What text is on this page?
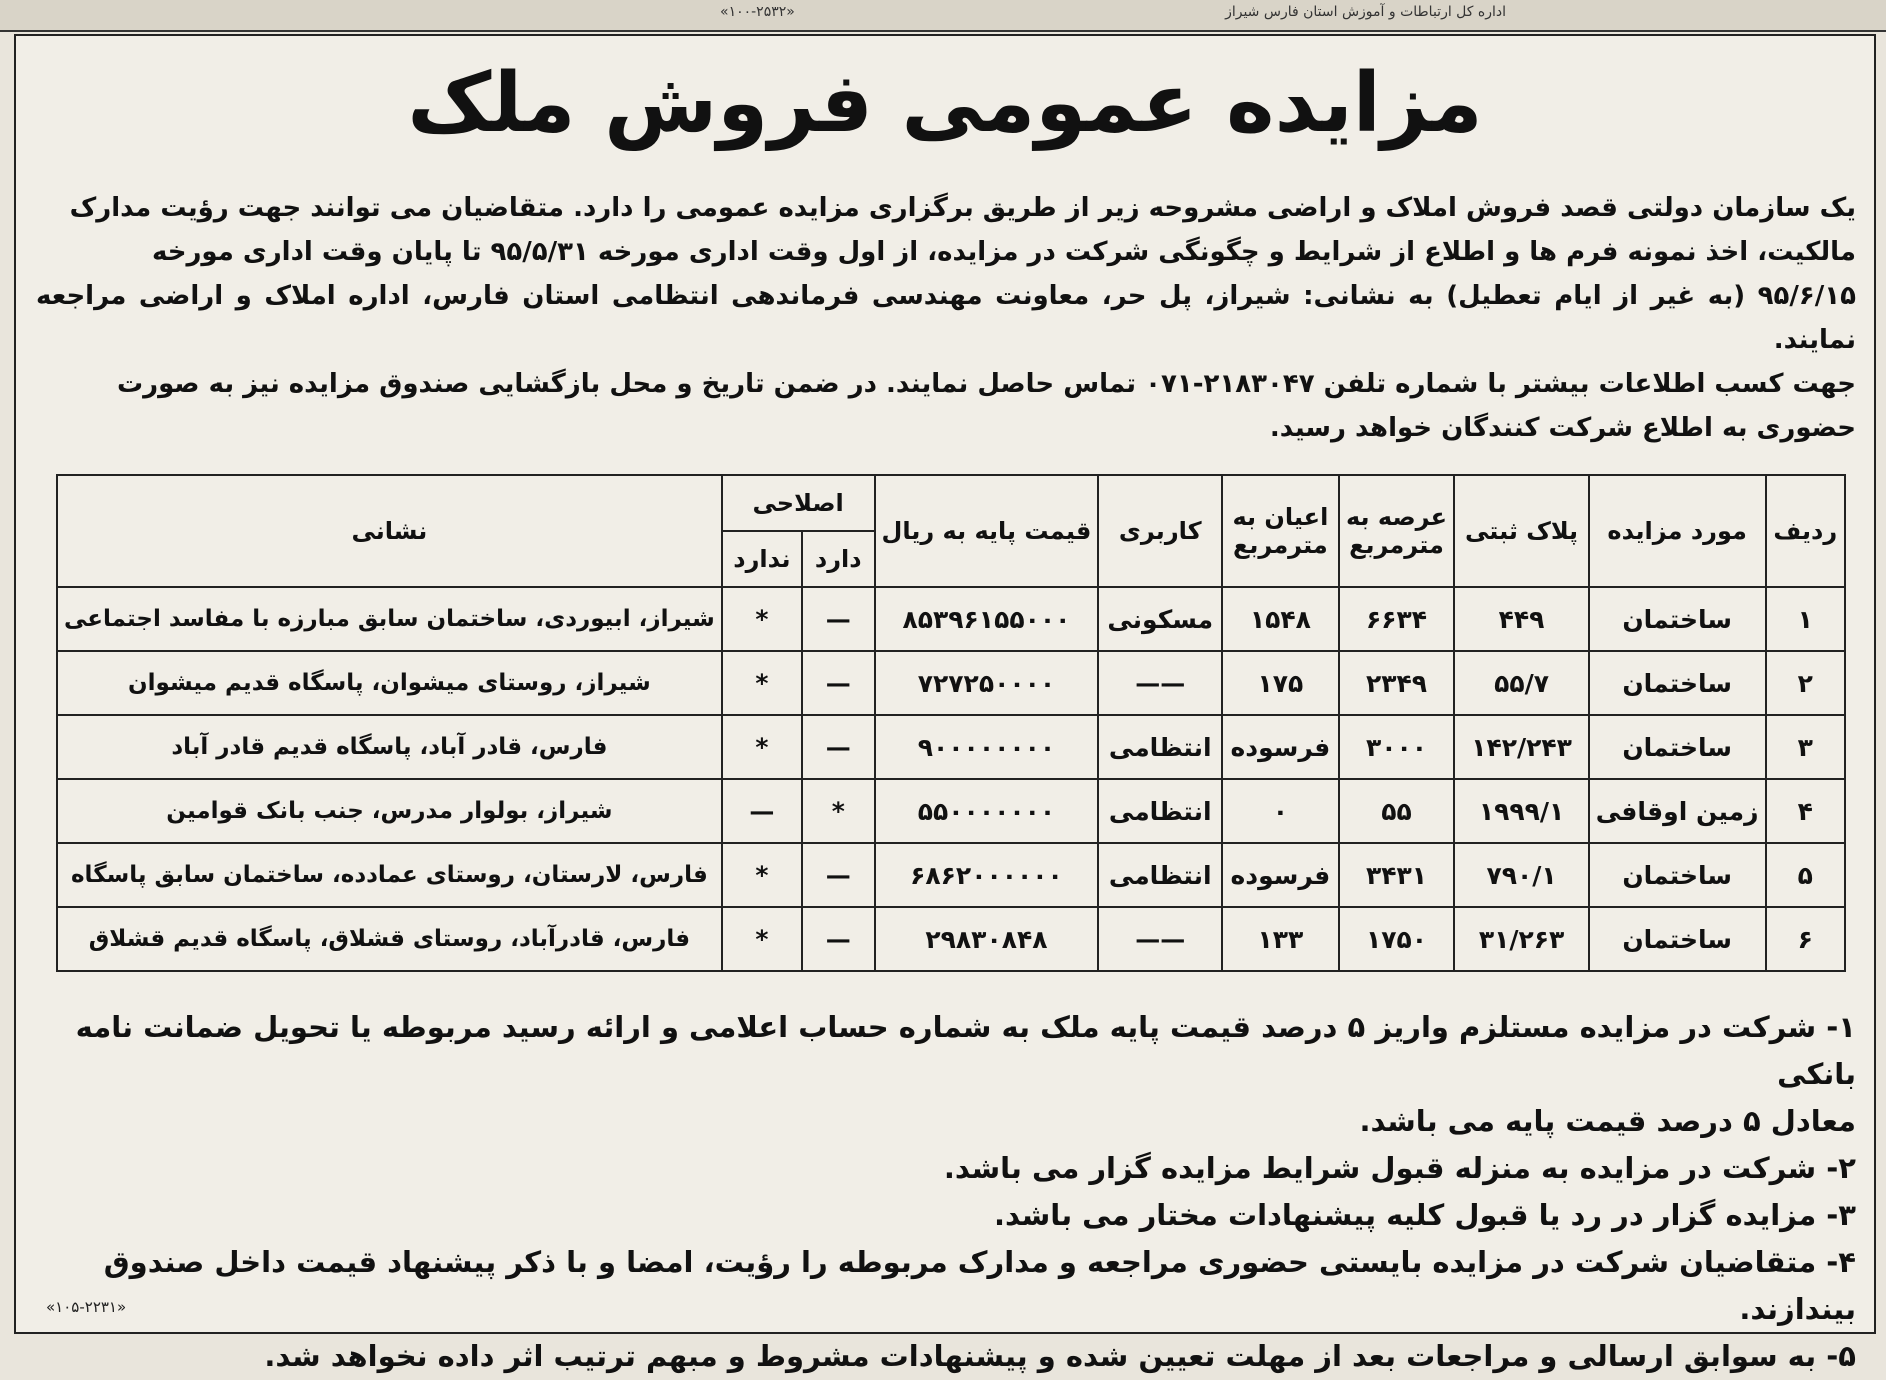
«۱۰۰-۲۵۳۲»	اداره کل ارتباطات و آموزش استان فارس شیراز
مزایده عمومی فروش ملک
یک سازمان دولتی قصد فروش املاک و اراضی مشروحه زیر از طریق برگزاری مزایده عمومی را دارد. متقاضیان می توانند جهت رؤیت مدارک
مالکیت، اخذ نمونه فرم ها و اطلاع از شرایط و چگونگی شرکت در مزایده، از اول وقت اداری مورخه ۹۵/۵/۳۱ تا پایان وقت اداری مورخه
۹۵/۶/۱۵ (به غیر از ایام تعطیل) به نشانی: شیراز، پل حر، معاونت مهندسی فرماندهی انتظامی استان فارس، اداره املاک و اراضی مراجعه نمایند.
جهت کسب اطلاعات بیشتر با شماره تلفن ۲۱۸۳۰۴۷-۰۷۱ تماس حاصل نمایند. در ضمن تاریخ و محل بازگشایی صندوق مزایده نیز به صورت
حضوری به اطلاع شرکت کنندگان خواهد رسید.
ردیف	مورد مزایده	پلاک ثبتی	عرصه به مترمربع	اعیان به مترمربع	کاربری	قیمت پایه به ریال	اصلاحی		نشانی
							دارد	ندارد	
۱	ساختمان	۴۴۹	۶۶۳۴	۱۵۴۸	مسکونی	۸۵۳۹۶۱۵۵۰۰۰	—	*	شیراز، ابیوردی، ساختمان سابق مبارزه با مفاسد اجتماعی
۲	ساختمان	۵۵/۷	۲۳۴۹	۱۷۵	——	۷۲۷۲۵۰۰۰۰	—	*	شیراز، روستای میشوان، پاسگاه قدیم میشوان
۳	ساختمان	۱۴۲/۲۴۳	۳۰۰۰	فرسوده	انتظامی	۹۰۰۰۰۰۰۰۰	—	*	فارس، قادر آباد، پاسگاه قدیم قادر آباد
۴	زمین اوقافی	۱۹۹۹/۱	۵۵	۰	انتظامی	۵۵۰۰۰۰۰۰۰	*	—	شیراز، بولوار مدرس، جنب بانک قوامین
۵	ساختمان	۷۹۰/۱	۳۴۳۱	فرسوده	انتظامی	۶۸۶۲۰۰۰۰۰۰	—	*	فارس، لارستان، روستای عمادده، ساختمان سابق پاسگاه
۶	ساختمان	۳۱/۲۶۳	۱۷۵۰	۱۳۳	——	۲۹۸۳۰۸۴۸	—	*	فارس، قادرآباد، روستای قشلاق، پاسگاه قدیم قشلاق
۱- شرکت در مزایده مستلزم واریز ۵ درصد قیمت پایه ملک به شماره حساب اعلامی و ارائه رسید مربوطه یا تحویل ضمانت نامه بانکی
معادل ۵ درصد قیمت پایه می باشد.
۲- شرکت در مزایده به منزله قبول شرایط مزایده گزار می باشد.
۳- مزایده گزار در رد یا قبول کلیه پیشنهادات مختار می باشد.
۴- متقاضیان شرکت در مزایده بایستی حضوری مراجعه و مدارک مربوطه را رؤیت، امضا و با ذکر پیشنهاد قیمت داخل صندوق بیندازند.
۵- به سوابق ارسالی و مراجعات بعد از مهلت تعیین شده و پیشنهادات مشروط و مبهم ترتیب اثر داده نخواهد شد.
«۱۰۵-۲۲۳۱»
